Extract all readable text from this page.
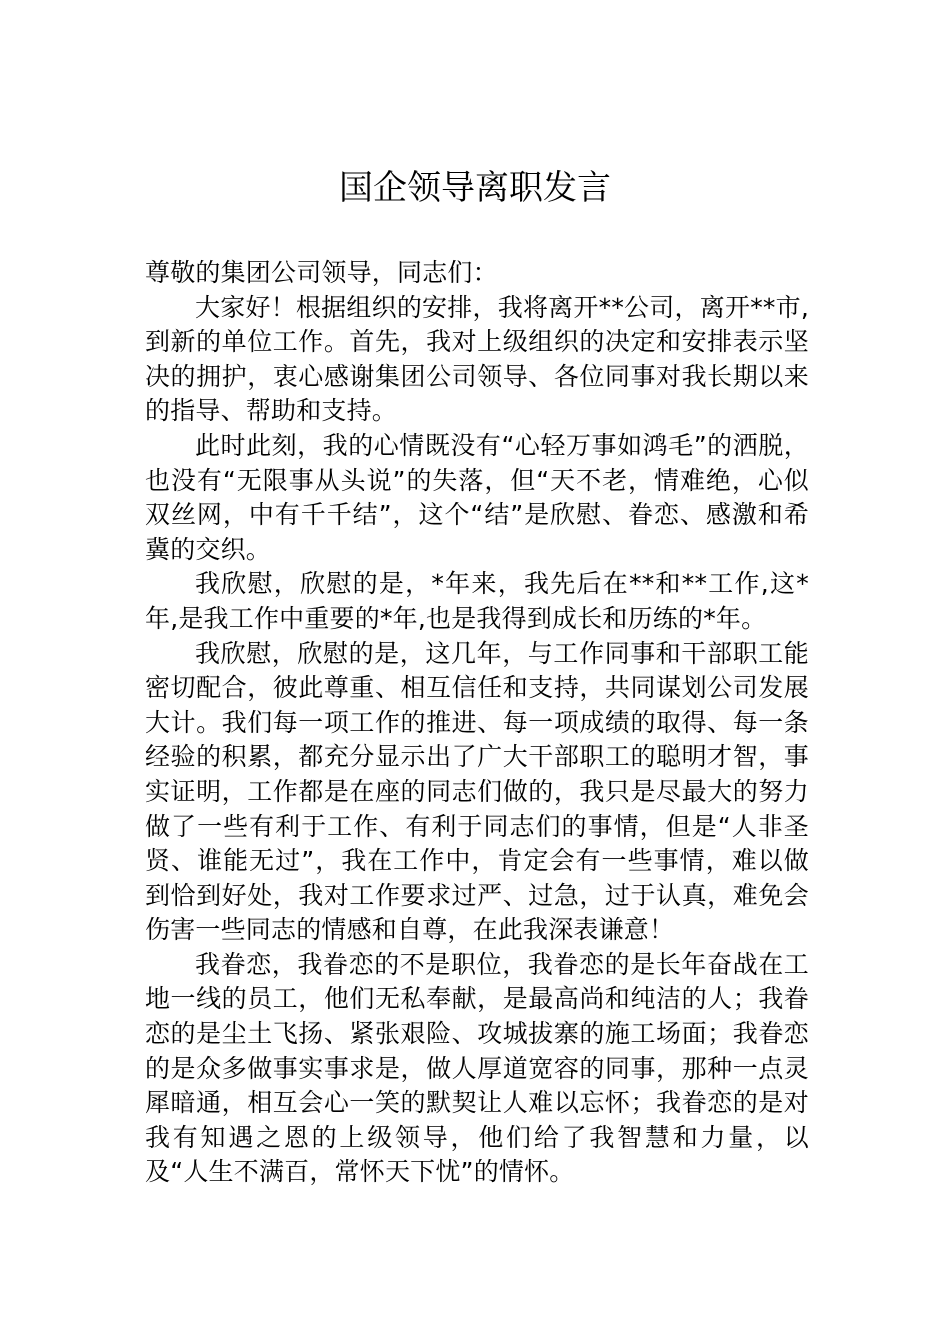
国企领导离职发言

尊敬的集团公司领导，同志们：

大家好！根据组织的安排，我将离开**公司，离开**市,到新的单位工作。首先，我对上级组织的决定和安排表示坚决的拥护，衷心感谢集团公司领导、各位同事对我长期以来的指导、帮助和支持。

此时此刻，我的心情既没有“心轻万事如鸿毛”的洒脱，也没有“无限事从头说”的失落，但“天不老，情难绝，心似双丝网，中有千千结”，这个“结”是欣慰、眷恋、感激和希冀的交织。

我欣慰，欣慰的是，*年来，我先后在**和**工作,这*年,是我工作中重要的*年,也是我得到成长和历练的*年。

我欣慰，欣慰的是，这几年，与工作同事和干部职工能密切配合，彼此尊重、相互信任和支持，共同谋划公司发展大计。我们每一项工作的推进、每一项成绩的取得、每一条经验的积累，都充分显示出了广大干部职工的聪明才智，事实证明，工作都是在座的同志们做的，我只是尽最大的努力做了一些有利于工作、有利于同志们的事情，但是“人非圣贤、谁能无过”，我在工作中，肯定会有一些事情，难以做到恰到好处，我对工作要求过严、过急，过于认真，难免会伤害一些同志的情感和自尊，在此我深表谦意！

我眷恋，我眷恋的不是职位，我眷恋的是长年奋战在工地一线的员工，他们无私奉献，是最高尚和纯洁的人；我眷恋的是尘土飞扬、紧张艰险、攻城拔寨的施工场面；我眷恋的是众多做事实事求是，做人厚道宽容的同事，那种一点灵犀暗通，相互会心一笑的默契让人难以忘怀；我眷恋的是对我有知遇之恩的上级领导，他们给了我智慧和力量，以及“人生不满百，常怀天下忧”的情怀。
